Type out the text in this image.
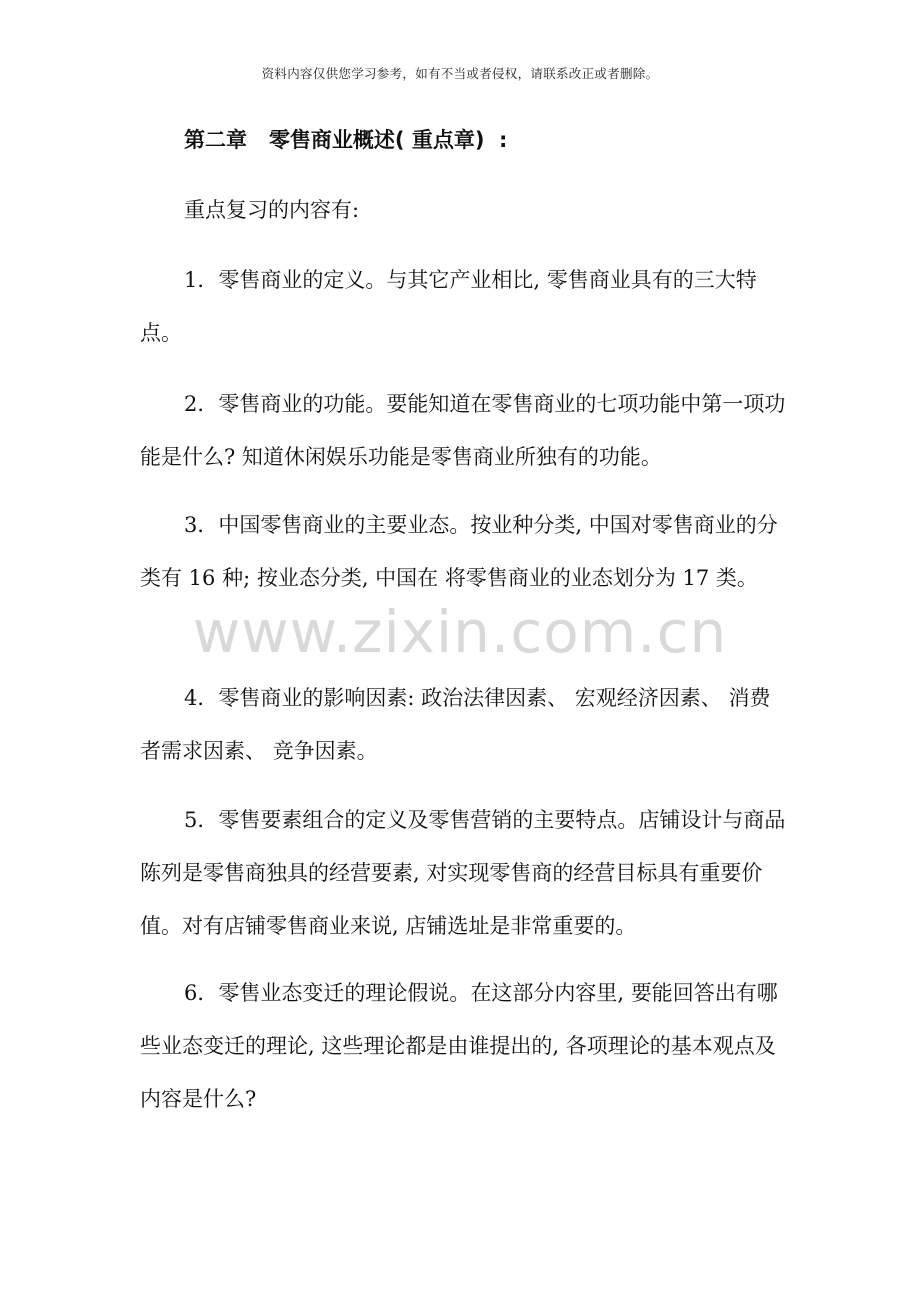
资料内容仅供您学习参考，如有不当或者侵权，请联系改正或者删除。
第二章   零售商业概述( 重点章)  :
重点复习的内容有:

1．零售商业的定义。与其它产业相比, 零售商业具有的三大特点。

2．零售商业的功能。要能知道在零售商业的七项功能中第一项功能是什么? 知道休闲娱乐功能是零售商业所独有的功能。

3．中国零售商业的主要业态。按业种分类, 中国对零售商业的分类有 16 种; 按业态分类, 中国在 将零售商业的业态划分为 17 类。

4．零售商业的影响因素: 政治法律因素、 宏观经济因素、 消费者需求因素、 竞争因素。

5．零售要素组合的定义及零售营销的主要特点。店铺设计与商品陈列是零售商独具的经营要素, 对实现零售商的经营目标具有重要价值。对有店铺零售商业来说, 店铺选址是非常重要的。

6．零售业态变迁的理论假说。在这部分内容里, 要能回答出有哪些业态变迁的理论, 这些理论都是由谁提出的, 各项理论的基本观点及内容是什么?

www.zixin.com.cn
